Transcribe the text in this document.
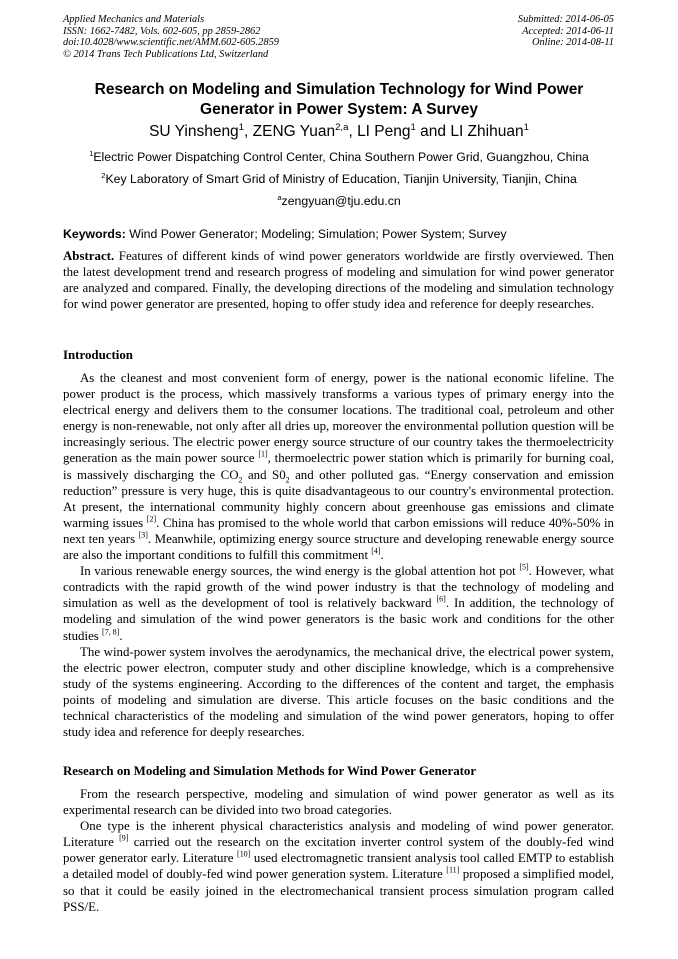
Applied Mechanics and Materials
ISSN: 1662-7482, Vols. 602-605, pp 2859-2862
doi:10.4028/www.scientific.net/AMM.602-605.2859
© 2014 Trans Tech Publications Ltd, Switzerland
Submitted: 2014-06-05
Accepted: 2014-06-11
Online: 2014-08-11
Research on Modeling and Simulation Technology for Wind Power
Generator in Power System: A Survey
SU Yinsheng$^1$, ZENG Yuan$^{2,a}$, LI Peng$^1$ and LI Zhihuan$^1$
$^1$Electric Power Dispatching Control Center, China Southern Power Grid, Guangzhou, China
$^2$Key Laboratory of Smart Grid of Ministry of Education, Tianjin University, Tianjin, China
$^a$zengyuan@tju.edu.cn
Keywords: Wind Power Generator; Modeling; Simulation; Power System; Survey
Abstract. Features of different kinds of wind power generators worldwide are firstly overviewed. Then the latest development trend and research progress of modeling and simulation for wind power generator are analyzed and compared. Finally, the developing directions of the modeling and simulation technology for wind power generator are presented, hoping to offer study idea and reference for deeply researches.
Introduction

As the cleanest and most convenient form of energy, power is the national economic lifeline. The power product is the process, which massively transforms a various types of primary energy into the electrical energy and delivers them to the consumer locations. The traditional coal, petroleum and other energy is non-renewable, not only after all dries up, moreover the environmental pollution question will be increasingly serious. The electric power energy source structure of our country takes the thermoelectricity generation as the main power source [1], thermoelectric power station which is primarily for burning coal, is massively discharging the $CO_2$ and $S0_2$ and other polluted gas. “Energy conservation and emission reduction” pressure is very huge, this is quite disadvantageous to our country's environmental protection. At present, the international community highly concern about greenhouse gas emissions and climate warming issues [2]. China has promised to the whole world that carbon emissions will reduce 40%-50% in next ten years [3]. Meanwhile, optimizing energy source structure and developing renewable energy source are also the important conditions to fulfill this commitment [4].

In various renewable energy sources, the wind energy is the global attention hot pot [5]. However, what contradicts with the rapid growth of the wind power industry is that the technology of modeling and simulation as well as the development of tool is relatively backward [6]. In addition, the technology of modeling and simulation of the wind power generators is the basic work and conditions for the other studies [7, 8].

The wind-power system involves the aerodynamics, the mechanical drive, the electrical power system, the electric power electron, computer study and other discipline knowledge, which is a comprehensive study of the systems engineering. According to the differences of the content and target, the emphasis points of modeling and simulation are diverse. This article focuses on the basic conditions and the technical characteristics of the modeling and simulation of the wind power generators, hoping to offer study idea and reference for deeply researches.

Research on Modeling and Simulation Methods for Wind Power Generator

From the research perspective, modeling and simulation of wind power generator as well as its experimental research can be divided into two broad categories.

One type is the inherent physical characteristics analysis and modeling of wind power generator. Literature [9] carried out the research on the excitation inverter control system of the doubly-fed wind power generator early. Literature [10] used electromagnetic transient analysis tool called EMTP to establish a detailed model of doubly-fed wind power generation system. Literature [11] proposed a simplified model, so that it could be easily joined in the electromechanical transient process simulation program called PSS/E.
